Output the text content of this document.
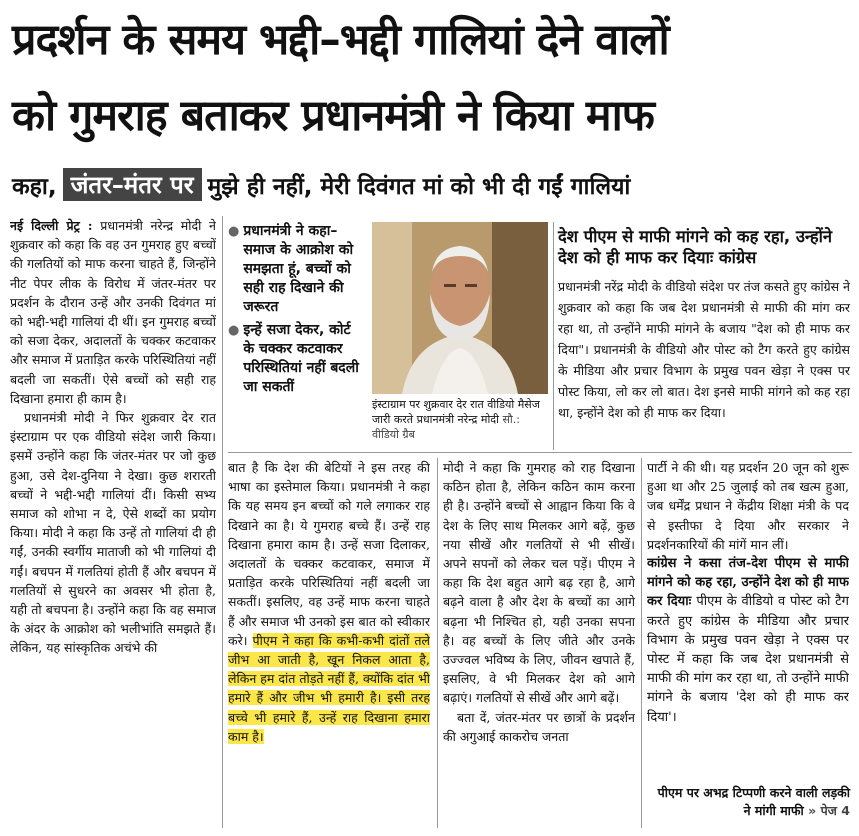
प्रदर्शन के समय भद्दी–भद्दी गालियां देने वालों
को गुमराह बताकर प्रधानमंत्री ने किया माफ
कहा, जंतर–मंतर पर मुझे ही नहीं, मेरी दिवंगत मां को भी दी गईं गालियां

नई दिल्ली प्रेट्र : प्रधानमंत्री नरेन्द्र मोदी ने शुक्रवार को कहा कि वह उन गुमराह हुए बच्चों की गलतियों को माफ करना चाहते हैं, जिन्होंने नीट पेपर लीक के विरोध में जंतर-मंतर पर प्रदर्शन के दौरान उन्हें और उनकी दिवंगत मां को भद्दी-भद्दी गालियां दी थीं। इन गुमराह बच्चों को सजा देकर, अदालतों के चक्कर कटवाकर और समाज में प्रताड़ित करके परिस्थितियां नहीं बदली जा सकतीं। ऐसे बच्चों को सही राह दिखाना हमारा ही काम है।

प्रधानमंत्री मोदी ने फिर शुक्रवार देर रात इंस्टाग्राम पर एक वीडियो संदेश जारी किया। इसमें उन्होंने कहा कि जंतर-मंतर पर जो कुछ हुआ, उसे देश-दुनिया ने देखा। कुछ शरारती बच्चों ने भद्दी-भद्दी गालियां दीं। किसी सभ्य समाज को शोभा न दे, ऐसे शब्दों का प्रयोग किया। मोदी ने कहा कि उन्हें तो गालियां दी ही गईं, उनकी स्वर्गीय माताजी को भी गालियां दी गईं। बचपन में गलतियां होती हैं और बचपन में गलतियों से सुधरने का अवसर भी होता है, यही तो बचपना है। उन्होंने कहा कि वह समाज के अंदर के आक्रोश को भलीभांति समझते हैं। लेकिन, यह सांस्कृतिक अचंभे की

● प्रधानमंत्री ने कहा– समाज के आक्रोश को समझता हूं, बच्चों को सही राह दिखाने की जरूरत
● इन्हें सजा देकर, कोर्ट के चक्कर कटवाकर परिस्थितियां नहीं बदली जा सकतीं
इंस्टाग्राम पर शुक्रवार देर रात वीडियो मैसेज जारी करते प्रधानमंत्री नरेन्द्र मोदी सौ.: वीडियो ग्रैब
देश पीएम से माफी मांगने को कह रहा, उन्होंने देश को ही माफ कर दियाः कांग्रेस
प्रधानमंत्री नरेंद्र मोदी के वीडियो संदेश पर तंज कसते हुए कांग्रेस ने शुक्रवार को कहा कि जब देश प्रधानमंत्री से माफी की मांग कर रहा था, तो उन्होंने माफी मांगने के बजाय "देश को ही माफ कर दिया"। प्रधानमंत्री के वीडियो और पोस्ट को टैग करते हुए कांग्रेस के मीडिया और प्रचार विभाग के प्रमुख पवन खेड़ा ने एक्स पर पोस्ट किया, लो कर लो बात। देश इनसे माफी मांगने को कह रहा था, इन्होंने देश को ही माफ कर दिया।

बात है कि देश की बेटियों ने इस तरह की भाषा का इस्तेमाल किया। प्रधानमंत्री ने कहा कि यह समय इन बच्चों को गले लगाकर राह दिखाने का है। ये गुमराह बच्चे हैं। उन्हें राह दिखाना हमारा काम है। उन्हें सजा दिलाकर, अदालतों के चक्कर कटवाकर, समाज में प्रताड़ित करके परिस्थितियां नहीं बदली जा सकतीं। इसलिए, वह उन्हें माफ करना चाहते हैं और समाज भी उनको इस बात को स्वीकार करे। पीएम ने कहा कि कभी-कभी दांतों तले जीभ आ जाती है, खून निकल आता है, लेकिन हम दांत तोड़ते नहीं हैं, क्योंकि दांत भी हमारे हैं और जीभ भी हमारी है। इसी तरह बच्चे भी हमारे हैं, उन्हें राह दिखाना हमारा काम है।

मोदी ने कहा कि गुमराह को राह दिखाना कठिन होता है, लेकिन कठिन काम करना ही है। उन्होंने बच्चों से आह्वान किया कि वे देश के लिए साथ मिलकर आगे बढ़ें, कुछ नया सीखें और गलतियों से भी सीखें। अपने सपनों को लेकर चल पड़ें। पीएम ने कहा कि देश बहुत आगे बढ़ रहा है, आगे बढ़ने वाला है और देश के बच्चों का आगे बढ़ना भी निश्चित हो, यही उनका सपना है। वह बच्चों के लिए जीते और उनके उज्ज्वल भविष्य के लिए, जीवन खपाते हैं, इसलिए, वे भी मिलकर देश को आगे बढ़ाएं। गलतियों से सीखें और आगे बढ़ें।

बता दें, जंतर-मंतर पर छात्रों के प्रदर्शन की अगुआई काकरोच जनता

पार्टी ने की थी। यह प्रदर्शन 20 जून को शुरू हुआ था और 25 जुलाई को तब खत्म हुआ, जब धर्मेंद्र प्रधान ने केंद्रीय शिक्षा मंत्री के पद से इस्तीफा दे दिया और सरकार ने प्रदर्शनकारियों की मांगें मान लीं।

कांग्रेस ने कसा तंज-देश पीएम से माफी मांगने को कह रहा, उन्होंने देश को ही माफ कर दियाः पीएम के वीडियो व पोस्ट को टैग करते हुए कांग्रेस के मीडिया और प्रचार विभाग के प्रमुख पवन खेड़ा ने एक्स पर पोस्ट में कहा कि जब देश प्रधानमंत्री से माफी की मांग कर रहा था, तो उन्होंने माफी मांगने के बजाय 'देश को ही माफ कर दिया'।

पीएम पर अभद्र टिप्पणी करने वाली लड़की ने मांगी माफी » पेज 4
